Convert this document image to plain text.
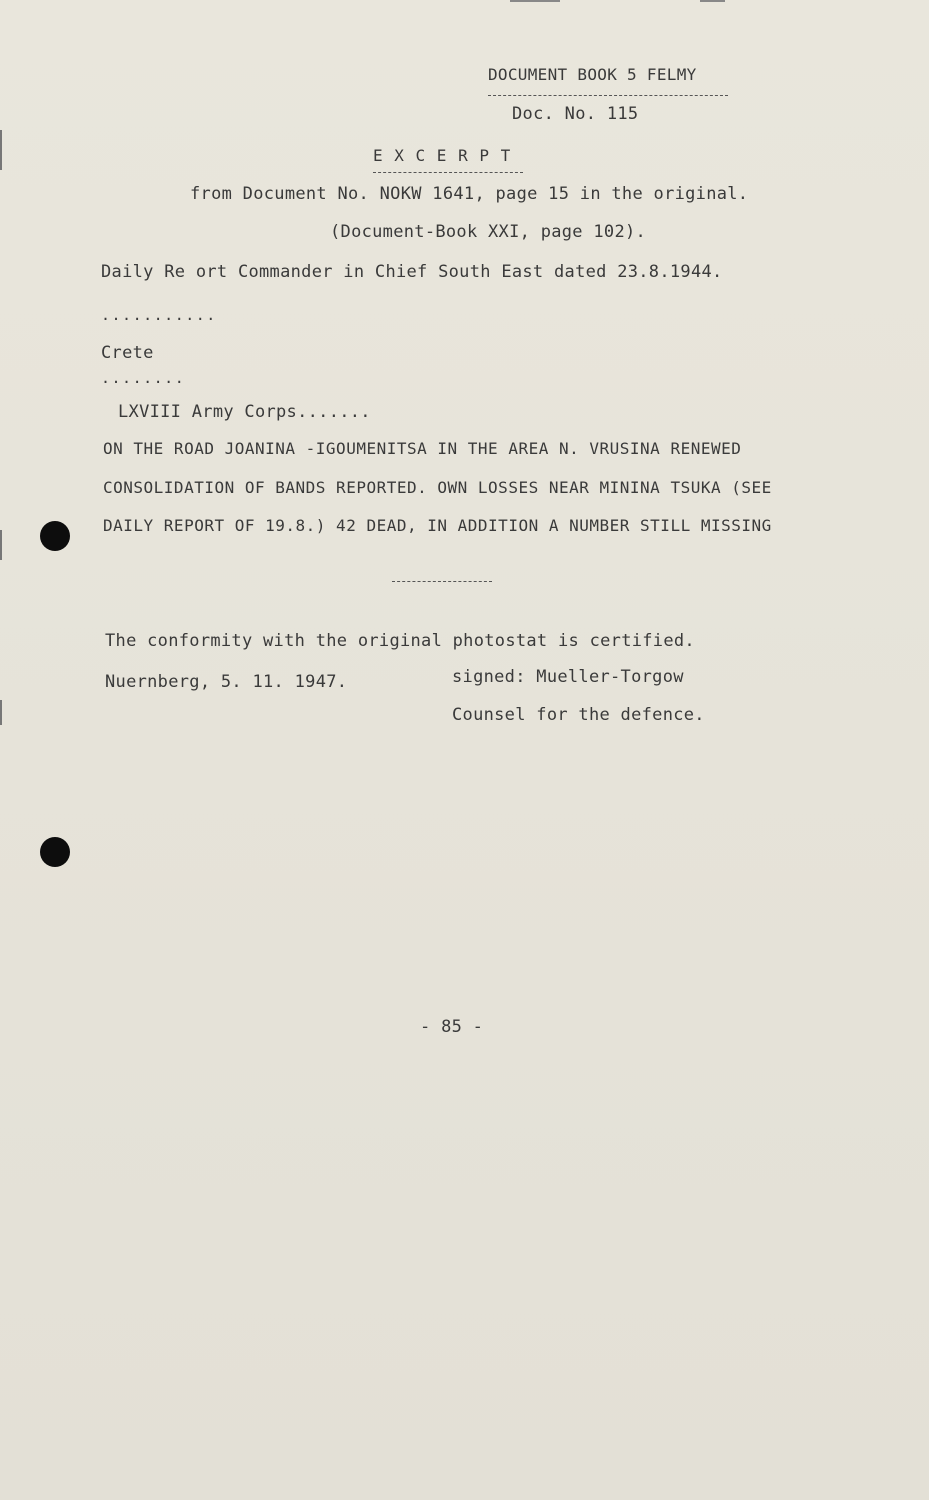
DOCUMENT BOOK 5 FELMY
Doc. No. 115
E X C E R P T
from Document No. NOKW 1641, page 15 in the original.
(Document-Book XXI, page 102).
Daily Re ort Commander in Chief South East dated 23.8.1944.
...........
Crete
........
LXVIII Army Corps.......
ON THE ROAD JOANINA -IGOUMENITSA IN THE AREA N. VRUSINA RENEWED
CONSOLIDATION OF BANDS REPORTED. OWN LOSSES NEAR MININA TSUKA (SEE
DAILY REPORT OF 19.8.) 42 DEAD, IN ADDITION A NUMBER STILL MISSING
The conformity with the original photostat is certified.
Nuernberg, 5. 11. 1947.	signed: Mueller-Torgow
Counsel for the defence.
- 85 -
